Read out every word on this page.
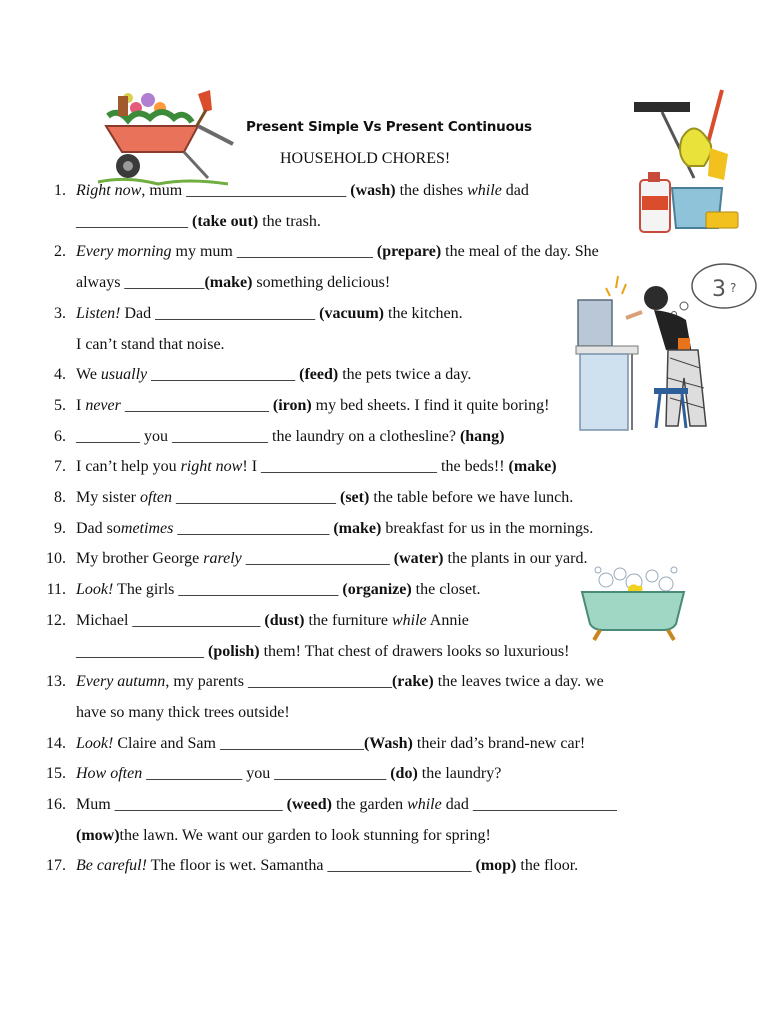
3 ?
Present Simple Vs Present Continuous
HOUSEHOLD CHORES!
1. Right now, mum ____________________ (wash) the dishes while dad
______________ (take out) the trash.
2. Every morning my mum _________________ (prepare) the meal of the day. She
always __________(make) something delicious!
3. Listen! Dad ____________________ (vacuum) the kitchen.
I can’t stand that noise.
4. We usually __________________ (feed) the pets twice a day.
5. I never __________________ (iron) my bed sheets. I find it quite boring!
6. ________ you ____________ the laundry on a clothesline? (hang)
7. I can’t help you right now! I ______________________ the beds!! (make)
8. My sister often ____________________ (set) the table before we have lunch.
9. Dad sometimes ___________________ (make) breakfast for us in the mornings.
10. My brother George rarely __________________ (water) the plants in our yard.
11. Look! The girls ____________________ (organize) the closet.
12. Michael ________________ (dust) the furniture while Annie
________________ (polish) them! That chest of drawers looks so luxurious!
13. Every autumn, my parents __________________(rake) the leaves twice a day. we
have so many thick trees outside!
14. Look! Claire and Sam __________________(Wash) their dad’s brand-new car!
15. How often ____________ you ______________ (do) the laundry?
16. Mum _____________________ (weed) the garden while dad __________________
(mow)the lawn. We want our garden to look stunning for spring!
17. Be careful! The floor is wet. Samantha __________________ (mop) the floor.
